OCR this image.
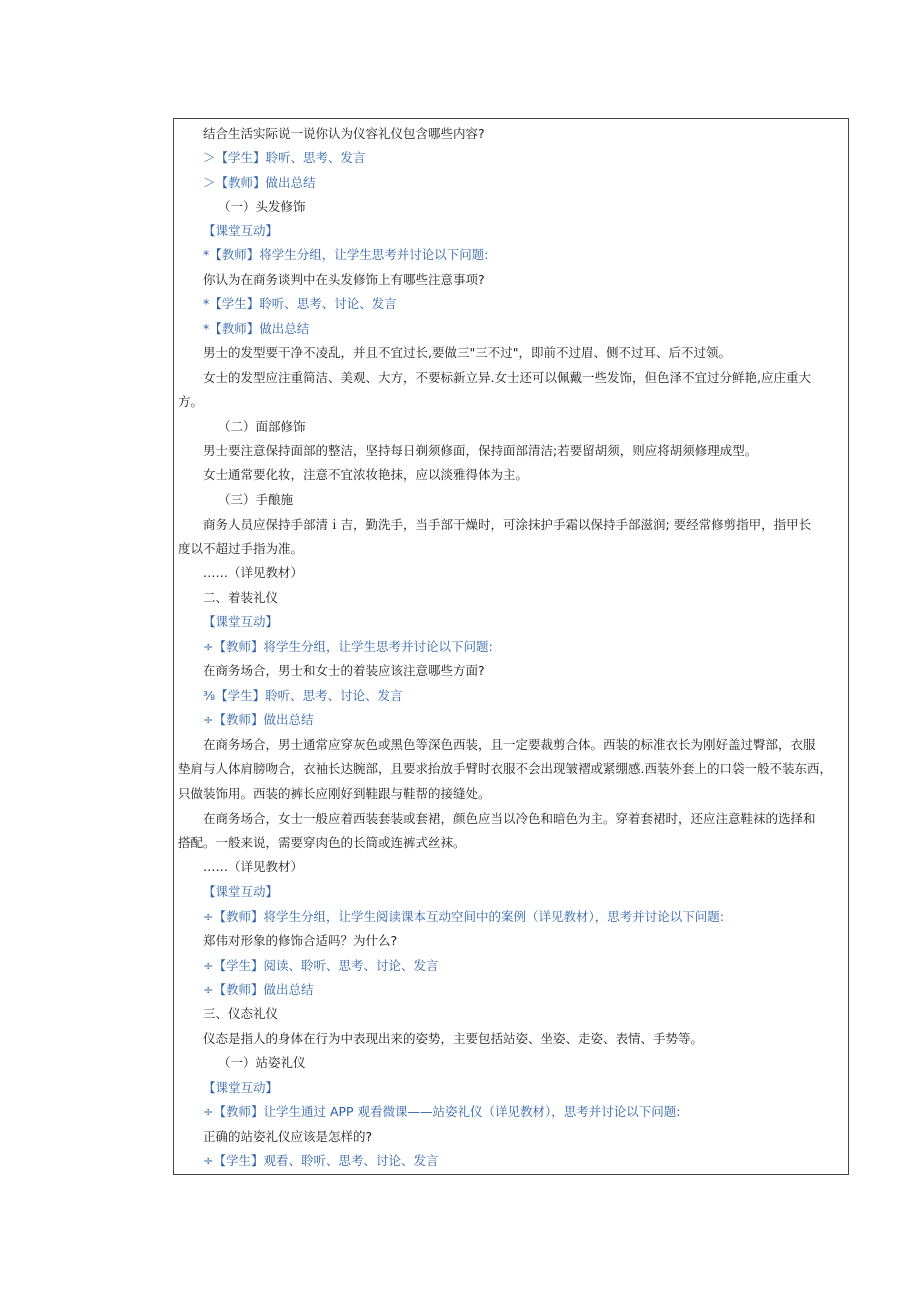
结合生活实际说一说你认为仪容礼仪包含哪些内容?
＞【学生】聆听、思考、发言
＞【教师】做出总结
（一）头发修饰
【课堂互动】
*【教师】将学生分组，让学生思考并讨论以下问题:
你认为在商务谈判中在头发修饰上有哪些注意事项?
*【学生】聆听、思考、讨论、发言
*【教师】做出总结
男士的发型要干净不凌乱，并且不宜过长,要做三"三不过"，即前不过眉、侧不过耳、后不过领。
女士的发型应注重简洁、美观、大方，不要标新立异.女士还可以佩戴一些发饰，但色泽不宜过分鲜艳,应庄重大
方。
（二）面部修饰
男士要注意保持面部的整洁，坚持每日剃须修面，保持面部清洁;若要留胡须，则应将胡须修理成型。
女士通常要化妆，注意不宜浓妆艳抹，应以淡雅得体为主。
（三）手酿施
商务人员应保持手部清ｉ吉，勤洗手，当手部干燥时，可涂抹护手霜以保持手部滋润; 要经常修剪指甲，指甲长
度以不超过手指为准。
……（详见教材）
二、着装礼仪
【课堂互动】
÷【教师】将学生分组，让学生思考并讨论以下问题:
在商务场合，男士和女士的着装应该注意哪些方面?
⅜【学生】聆听、思考、讨论、发言
÷【教师】做出总结
在商务场合，男士通常应穿灰色或黑色等深色西装，且一定要裁剪合体。西装的标准衣长为刚好盖过臀部，衣服
垫肩与人体肩膀吻合，衣袖长达腕部，且要求抬放手臂时衣服不会出现皱褶或紧绷感.西装外套上的口袋一般不装东西，
只做装饰用。西装的裤长应刚好到鞋跟与鞋帮的接缝处。
在商务场合，女士一般应着西装套装或套裙，颜色应当以冷色和暗色为主。穿着套裙时，还应注意鞋袜的选择和
搭配。一般来说，需要穿肉色的长筒或连裤式丝袜。
……（详见教材）
【课堂互动】
÷【教师】将学生分组，让学生阅读课本互动空间中的案例（详见教材），思考并讨论以下问题:
郑伟对形象的修饰合适吗？为什么?
÷【学生】阅读、聆听、思考、讨论、发言
÷【教师】做出总结
三、仪态礼仪
仪态是指人的身体在行为中表现出来的姿势，主要包括站姿、坐姿、走姿、表情、手势等。
（一）站姿礼仪
【课堂互动】
÷【教师】让学生通过 APP 观看微课——站姿礼仪（详见教材），思考并讨论以下问题:
正确的站姿礼仪应该是怎样的?
÷【学生】观看、聆听、思考、讨论、发言
